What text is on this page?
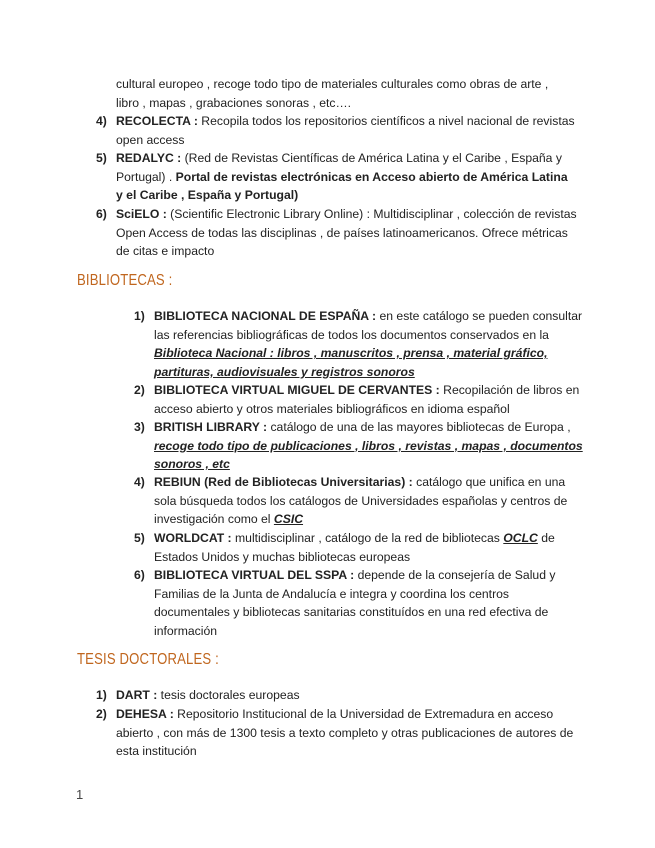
cultural europeo , recoge todo tipo de materiales culturales como obras de arte ,
libro , mapas , grabaciones sonoras , etc….
4) RECOLECTA : Recopila todos los repositorios científicos a nivel nacional de revistas
open access
5) REDALYC : (Red de Revistas Científicas de América Latina y el Caribe , España y
Portugal) . Portal de revistas electrónicas en Acceso abierto de América Latina
y el Caribe , España y Portugal)
6) SciELO : (Scientific Electronic Library Online) : Multidisciplinar , colección de revistas
Open Access de todas las disciplinas , de países latinoamericanos. Ofrece métricas
de citas e impacto
BIBLIOTECAS :
1) BIBLIOTECA NACIONAL DE ESPAÑA : en este catálogo se pueden consultar
las referencias bibliográficas de todos los documentos conservados en la
Biblioteca Nacional : libros , manuscritos , prensa , material gráfico,
partituras, audiovisuales y registros sonoros
2) BIBLIOTECA VIRTUAL MIGUEL DE CERVANTES : Recopilación de libros en
acceso abierto y otros materiales bibliográficos en idioma español
3) BRITISH LIBRARY : catálogo de una de las mayores bibliotecas de Europa ,
recoge todo tipo de publicaciones , libros , revistas , mapas , documentos
sonoros , etc
4) REBIUN (Red de Bibliotecas Universitarias) : catálogo que unifica en una
sola búsqueda todos los catálogos de Universidades españolas y centros de
investigación como el CSIC
5) WORLDCAT : multidisciplinar , catálogo de la red de bibliotecas OCLC de
Estados Unidos y muchas bibliotecas europeas
6) BIBLIOTECA VIRTUAL DEL SSPA : depende de la consejería de Salud y
Familias de la Junta de Andalucía e integra y coordina los centros
documentales y bibliotecas sanitarias constituídos en una red efectiva de
información
TESIS DOCTORALES :
1) DART : tesis doctorales europeas
2) DEHESA : Repositorio Institucional de la Universidad de Extremadura en acceso
abierto , con más de 1300 tesis a texto completo y otras publicaciones de autores de
esta institución
1
